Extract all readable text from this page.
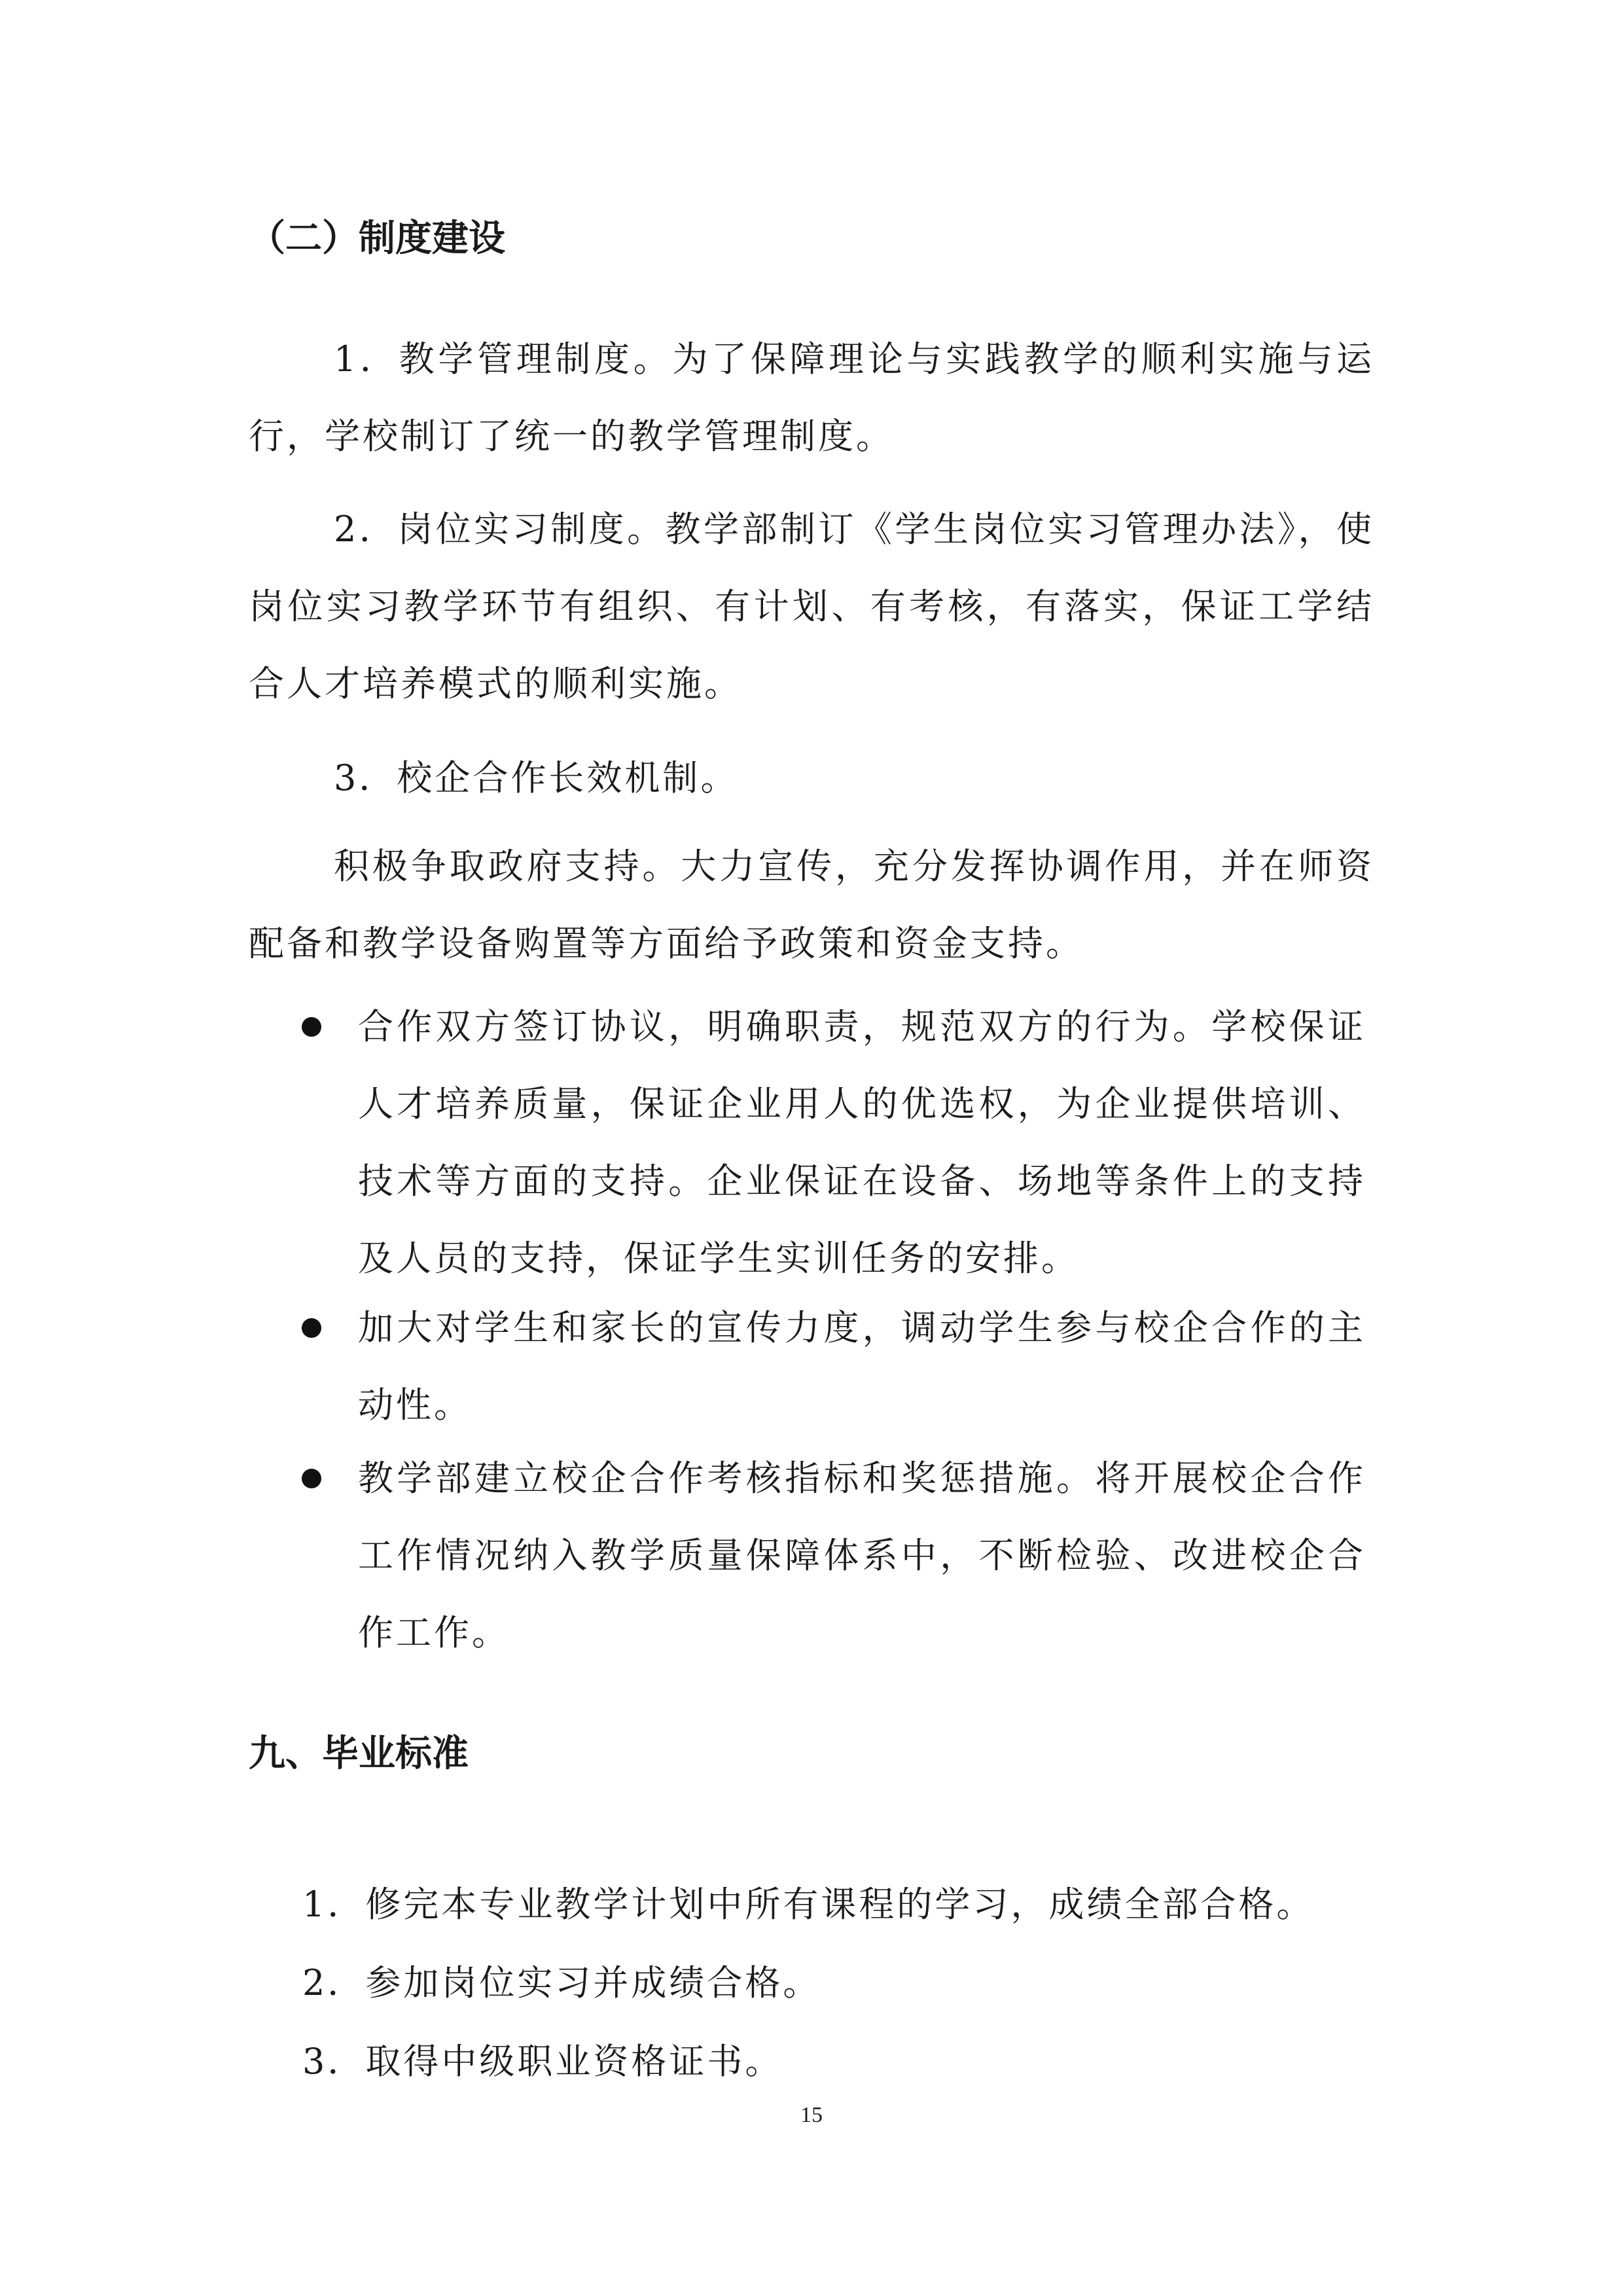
（二）制度建设

1．教学管理制度。为了保障理论与实践教学的顺利实施与运行，学校制订了统一的教学管理制度。

2．岗位实习制度。教学部制订《学生岗位实习管理办法》，使岗位实习教学环节有组织、有计划、有考核，有落实，保证工学结合人才培养模式的顺利实施。

3．校企合作长效机制。

积极争取政府支持。大力宣传，充分发挥协调作用，并在师资配备和教学设备购置等方面给予政策和资金支持。

合作双方签订协议，明确职责，规范双方的行为。学校保证人才培养质量，保证企业用人的优选权，为企业提供培训、技术等方面的支持。企业保证在设备、场地等条件上的支持及人员的支持，保证学生实训任务的安排。

加大对学生和家长的宣传力度，调动学生参与校企合作的主动性。

教学部建立校企合作考核指标和奖惩措施。将开展校企合作工作情况纳入教学质量保障体系中，不断检验、改进校企合作工作。

九、毕业标准
1．修完本专业教学计划中所有课程的学习，成绩全部合格。
2．参加岗位实习并成绩合格。
3．取得中级职业资格证书。
15
